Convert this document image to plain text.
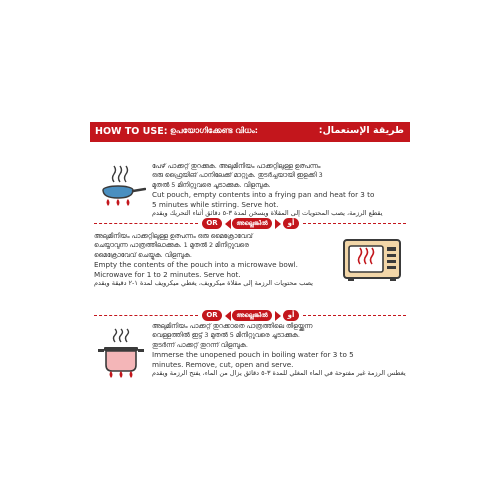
HOW TO USE: ഉപയോഗിക്കേണ്ട വിധം:	طريقة الإستعمال:
പേഴ്‍ പാക്കറ്റ് തുറക്കുക. അലുമിനിയം പാക്കറ്റിലുള്ള ഉത്പന്നം
ഒരു ഫ്രൈയിങ് പാനിലേക്ക് മാറ്റുക. തുടർച്ചയായി ഇളക്കി 3
മുതൽ 5 മിനിറ്റുവരെ ചൂടാക്കുക. വിളമ്പുക.
Cut pouch, empty contents into a frying pan and heat for 3 to
5 minutes while stirring. Serve hot.
يقطع الرزمة، يصب المحتويات إلى المقلاة ويسخن لمدة ٣-٥ دقائق أثناء التحريك ويقدم
OR	അല്ലെങ്കിൽ	أو
അലുമിനിയം പാക്കറ്റിലുള്ള ഉത്പന്നം ഒരു മൈക്രോവേവ്
ചെയ്യാവുന്ന പാത്രത്തിലാക്കുക. 1 മുതൽ 2 മിനിറ്റുവരെ
മൈക്രോവേവ് ചെയ്യുക. വിളമ്പുക.
Empty the contents of the pouch into a microwave bowl.
Microwave for 1 to 2 minutes. Serve hot.
يصب محتويات الرزمة إلى مقلاة ميكرويف، يغطي ميكرويف لمدة ١-٢ دقيقة ويقدم
OR	അല്ലെങ്കിൽ	أو
അലുമിനിയം പാക്കറ്റ് തുറക്കാതെ പാത്രത്തിലെ തിളയ്ക്കുന്ന
വെള്ളത്തിൽ ഇട്ട് 3 മുതൽ 5 മിനിറ്റുവരെ ചൂടാക്കുക.
തുടർന്ന് പാക്കറ്റ് തുറന്ന് വിളമ്പുക.
Immerse the unopened pouch in boiling water for 3 to 5
minutes. Remove, cut, open and serve.
يغطس الرزمة غير مفتوحة في الماء المغلي للمدة ٣-٥ دقائق يزال من الماء، يفتح الرزمة ويقدم
